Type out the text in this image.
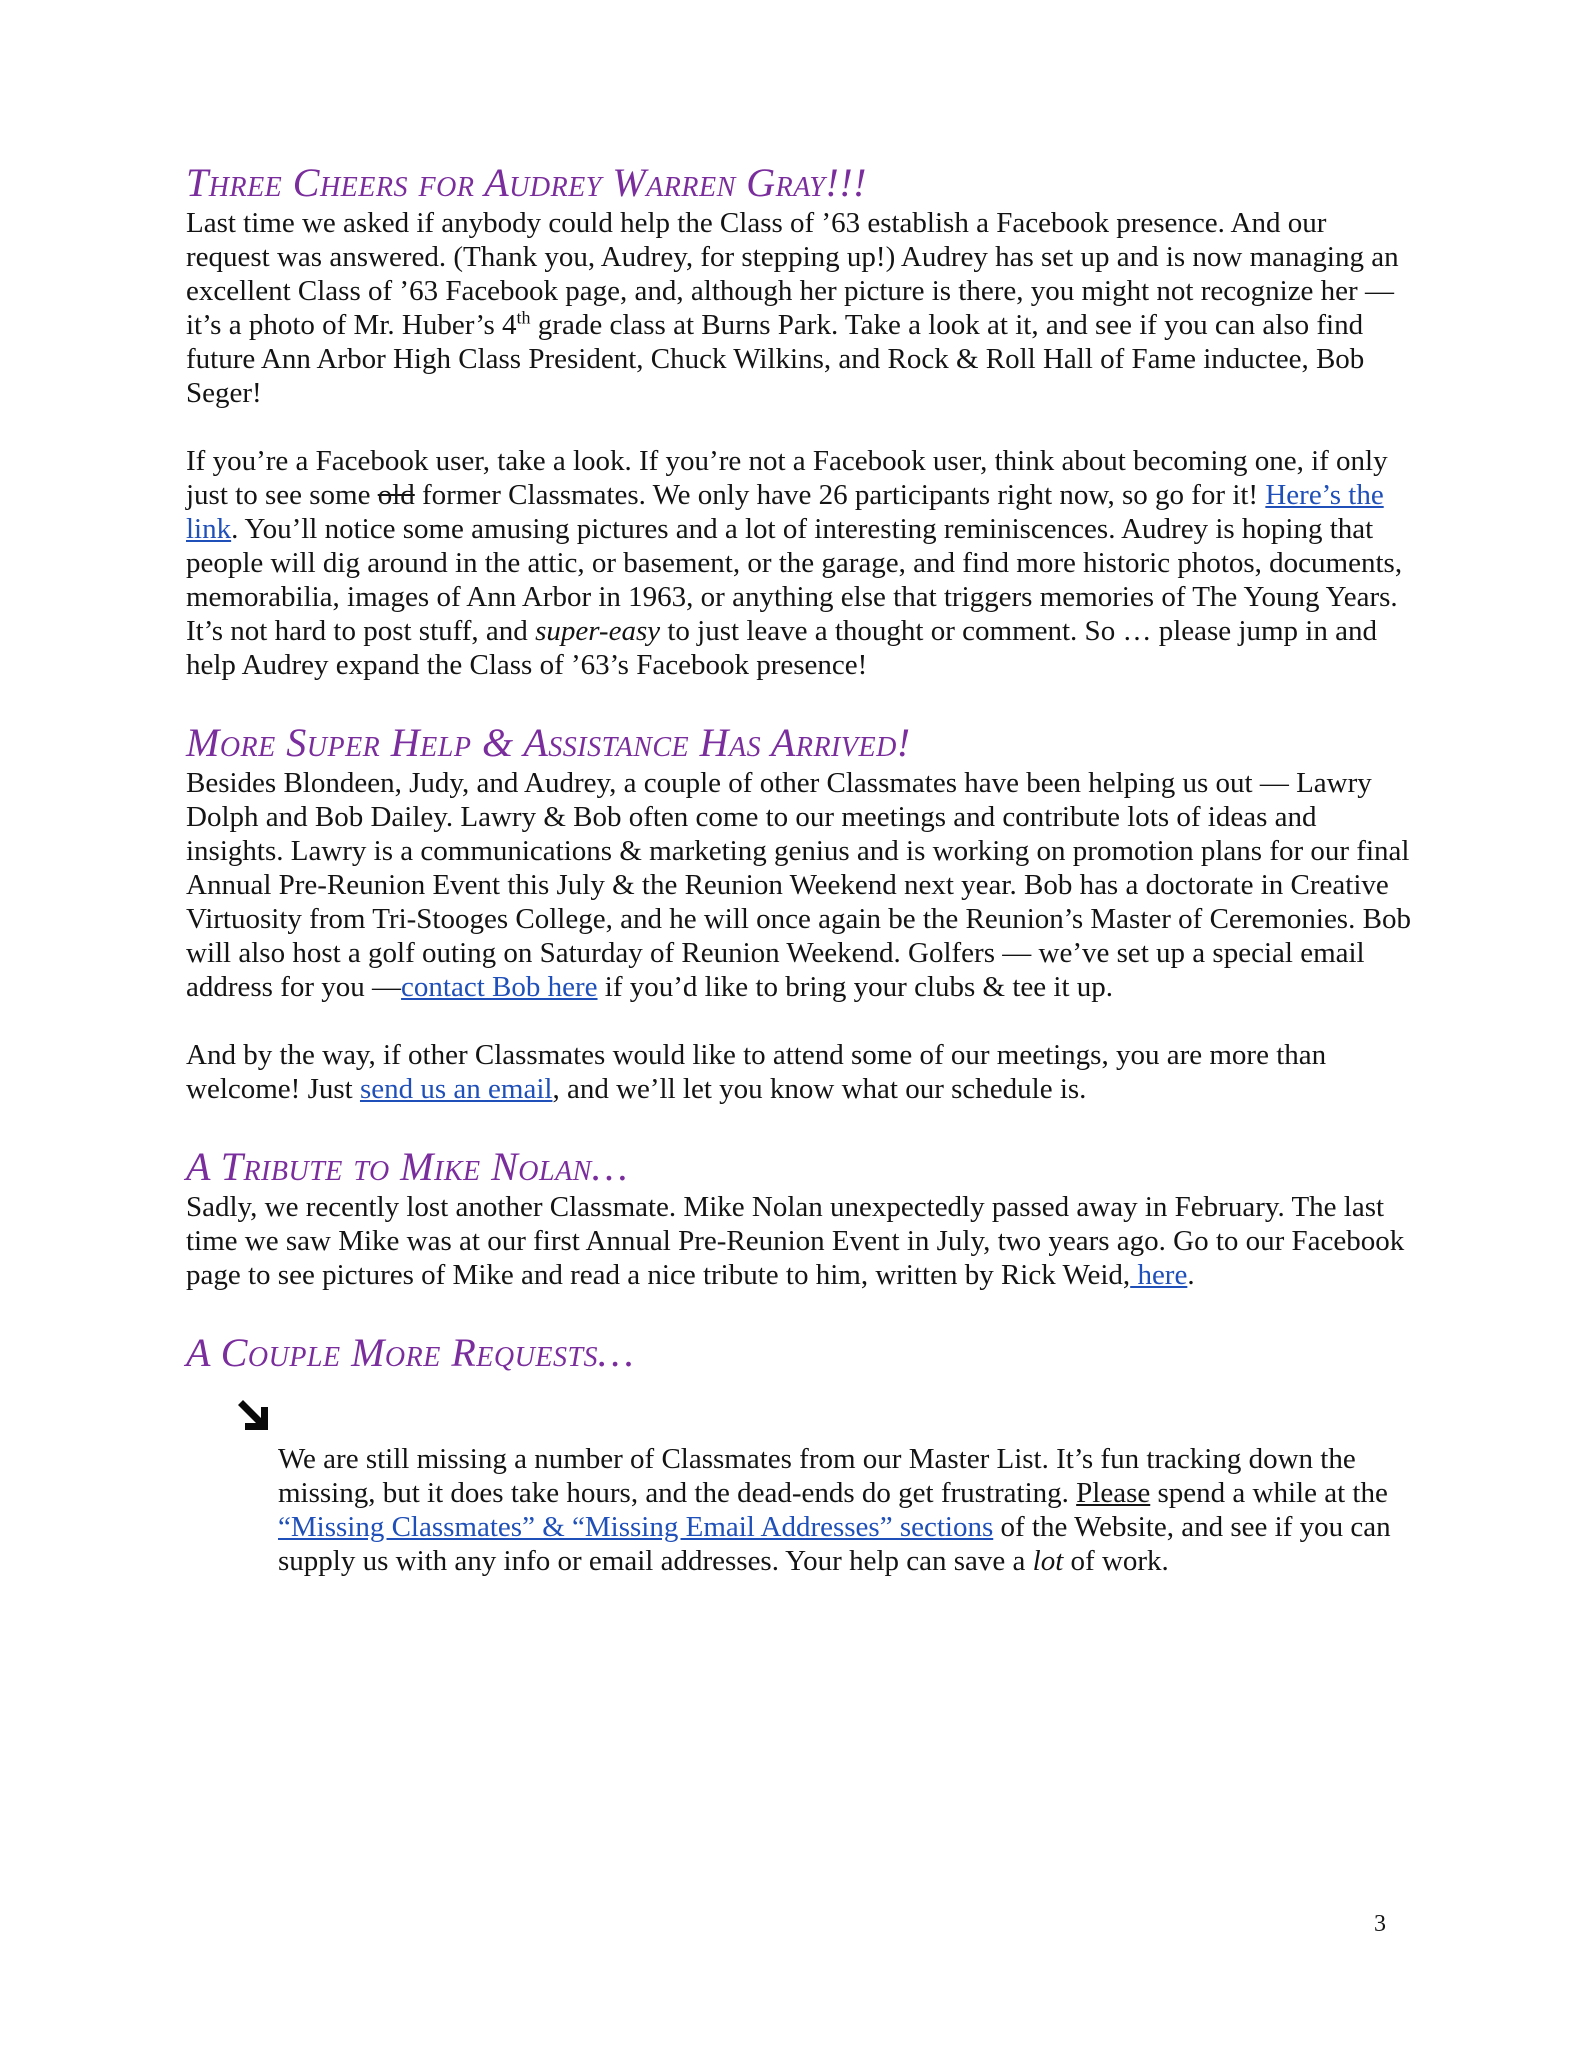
Three Cheers for Audrey Warren Gray!!!

Last time we asked if anybody could help the Class of ’63 establish a Facebook presence. And our request was answered. (Thank you, Audrey, for stepping up!) Audrey has set up and is now managing an excellent Class of ’63 Facebook page, and, although her picture is there, you might not recognize her — it’s a photo of Mr. Huber’s 4th grade class at Burns Park. Take a look at it, and see if you can also find future Ann Arbor High Class President, Chuck Wilkins, and Rock & Roll Hall of Fame inductee, Bob Seger!

If you’re a Facebook user, take a look. If you’re not a Facebook user, think about becoming one, if only just to see some old former Classmates. We only have 26 participants right now, so go for it! Here’s the link. You’ll notice some amusing pictures and a lot of interesting reminiscences. Audrey is hoping that people will dig around in the attic, or basement, or the garage, and find more historic photos, documents, memorabilia, images of Ann Arbor in 1963, or anything else that triggers memories of The Young Years. It’s not hard to post stuff, and super-easy to just leave a thought or comment. So … please jump in and help Audrey expand the Class of ’63’s Facebook presence!

More Super Help & Assistance Has Arrived!

Besides Blondeen, Judy, and Audrey, a couple of other Classmates have been helping us out — Lawry Dolph and Bob Dailey. Lawry & Bob often come to our meetings and contribute lots of ideas and insights. Lawry is a communications & marketing genius and is working on promotion plans for our final Annual Pre-Reunion Event this July & the Reunion Weekend next year. Bob has a doctorate in Creative Virtuosity from Tri-Stooges College, and he will once again be the Reunion’s Master of Ceremonies. Bob will also host a golf outing on Saturday of Reunion Weekend. Golfers — we’ve set up a special email address for you —contact Bob here if you’d like to bring your clubs & tee it up.

And by the way, if other Classmates would like to attend some of our meetings, you are more than welcome! Just send us an email, and we’ll let you know what our schedule is.

A Tribute to Mike Nolan…

Sadly, we recently lost another Classmate. Mike Nolan unexpectedly passed away in February. The last time we saw Mike was at our first Annual Pre-Reunion Event in July, two years ago. Go to our Facebook page to see pictures of Mike and read a nice tribute to him, written by Rick Weid, here.

A Couple More Requests…

We are still missing a number of Classmates from our Master List. It’s fun tracking down the missing, but it does take hours, and the dead-ends do get frustrating. Please spend a while at the “Missing Classmates” & “Missing Email Addresses” sections of the Website, and see if you can supply us with any info or email addresses. Your help can save a lot of work.

3
